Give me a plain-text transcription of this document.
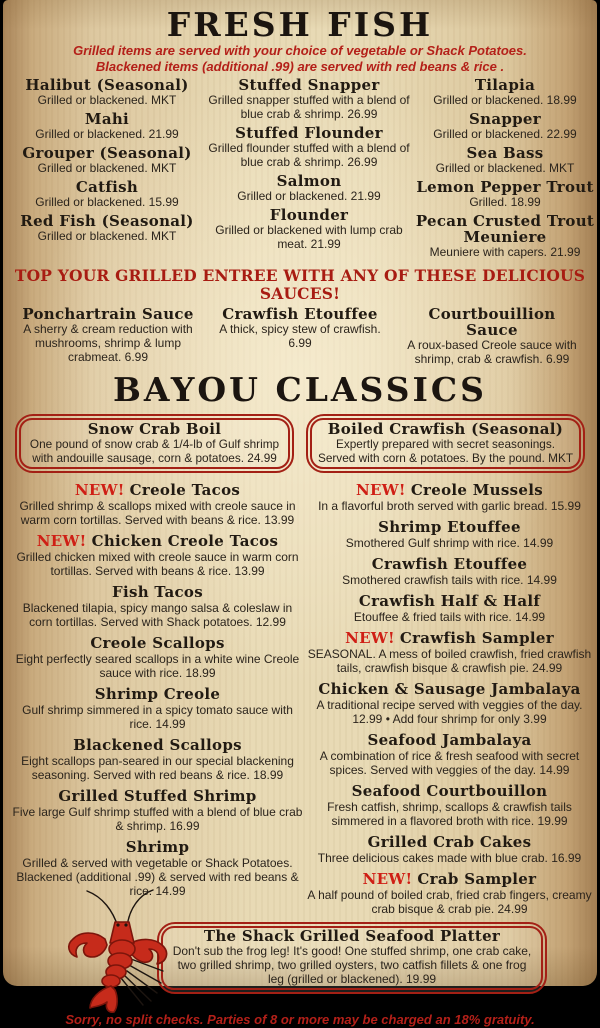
FRESH FISH
Grilled items are served with your choice of vegetable or Shack Potatoes.
Blackened items (additional .99) are served with red beans & rice .
Halibut (Seasonal)
Grilled or blackened. MKT
Mahi
Grilled or blackened. 21.99
Grouper (Seasonal)
Grilled or blackened. MKT
Catfish
Grilled or blackened. 15.99
Red Fish (Seasonal)
Grilled or blackened. MKT
Stuffed Snapper
Grilled snapper stuffed with a blend of blue crab & shrimp. 26.99
Stuffed Flounder
Grilled flounder stuffed with a blend of blue crab & shrimp. 26.99
Salmon
Grilled or blackened. 21.99
Flounder
Grilled or blackened with lump crab meat. 21.99
Tilapia
Grilled or blackened. 18.99
Snapper
Grilled or blackened. 22.99
Sea Bass
Grilled or blackened. MKT
Lemon Pepper Trout
Grilled. 18.99
Pecan Crusted Trout Meuniere
Meuniere with capers. 21.99
TOP YOUR GRILLED ENTREE WITH ANY OF THESE DELICIOUS SAUCES!
Ponchartrain Sauce
A sherry & cream reduction with mushrooms, shrimp & lump crabmeat. 6.99
Crawfish Etouffee
A thick, spicy stew of crawfish. 6.99
Courtbouillion Sauce
A roux-based Creole sauce with shrimp, crab & crawfish. 6.99
BAYOU CLASSICS
Snow Crab Boil
One pound of snow crab & 1/4-lb of Gulf shrimp with andouille sausage, corn & potatoes. 24.99
Boiled Crawfish (Seasonal)
Expertly prepared with secret seasonings. Served with corn & potatoes. By the pound. MKT
NEW! Creole Tacos
Grilled shrimp & scallops mixed with creole sauce in warm corn tortillas. Served with beans & rice. 13.99
NEW! Chicken Creole Tacos
Grilled chicken mixed with creole sauce in warm corn tortillas. Served with beans & rice. 13.99
Fish Tacos
Blackened tilapia, spicy mango salsa & coleslaw in corn tortillas. Served with Shack potatoes. 12.99
Creole Scallops
Eight perfectly seared scallops in a white wine Creole sauce with rice. 18.99
Shrimp Creole
Gulf shrimp simmered in a spicy tomato sauce with rice. 14.99
Blackened Scallops
Eight scallops pan-seared in our special blackening seasoning. Served with red beans & rice. 18.99
Grilled Stuffed Shrimp
Five large Gulf shrimp stuffed with a blend of blue crab & shrimp. 16.99
Shrimp
Grilled & served with vegetable or Shack Potatoes. Blackened (additional .99) & served with red beans & rice. 14.99
NEW! Creole Mussels
In a flavorful broth served with garlic bread. 15.99
Shrimp Etouffee
Smothered Gulf shrimp with rice. 14.99
Crawfish Etouffee
Smothered crawfish tails with rice. 14.99
Crawfish Half & Half
Etouffee & fried tails with rice. 14.99
NEW! Crawfish Sampler
SEASONAL. A mess of boiled crawfish, fried crawfish tails, crawfish bisque & crawfish pie. 24.99
Chicken & Sausage Jambalaya
A traditional recipe served with veggies of the day. 12.99 • Add four shrimp for only 3.99
Seafood Jambalaya
A combination of rice & fresh seafood with secret spices. Served with veggies of the day. 14.99
Seafood Courtbouillon
Fresh catfish, shrimp, scallops & crawfish tails simmered in a flavored broth with rice. 19.99
Grilled Crab Cakes
Three delicious cakes made with blue crab. 16.99
NEW! Crab Sampler
A half pound of boiled crab, fried crab fingers, creamy crab bisque & crab pie. 24.99
The Shack Grilled Seafood Platter
Don't sub the frog leg! It's good! One stuffed shrimp, one crab cake, two grilled shrimp, two grilled oysters, two catfish fillets & one frog leg (grilled or blackened). 19.99
Sorry, no split checks. Parties of 8 or more may be charged an 18% gratuity.
